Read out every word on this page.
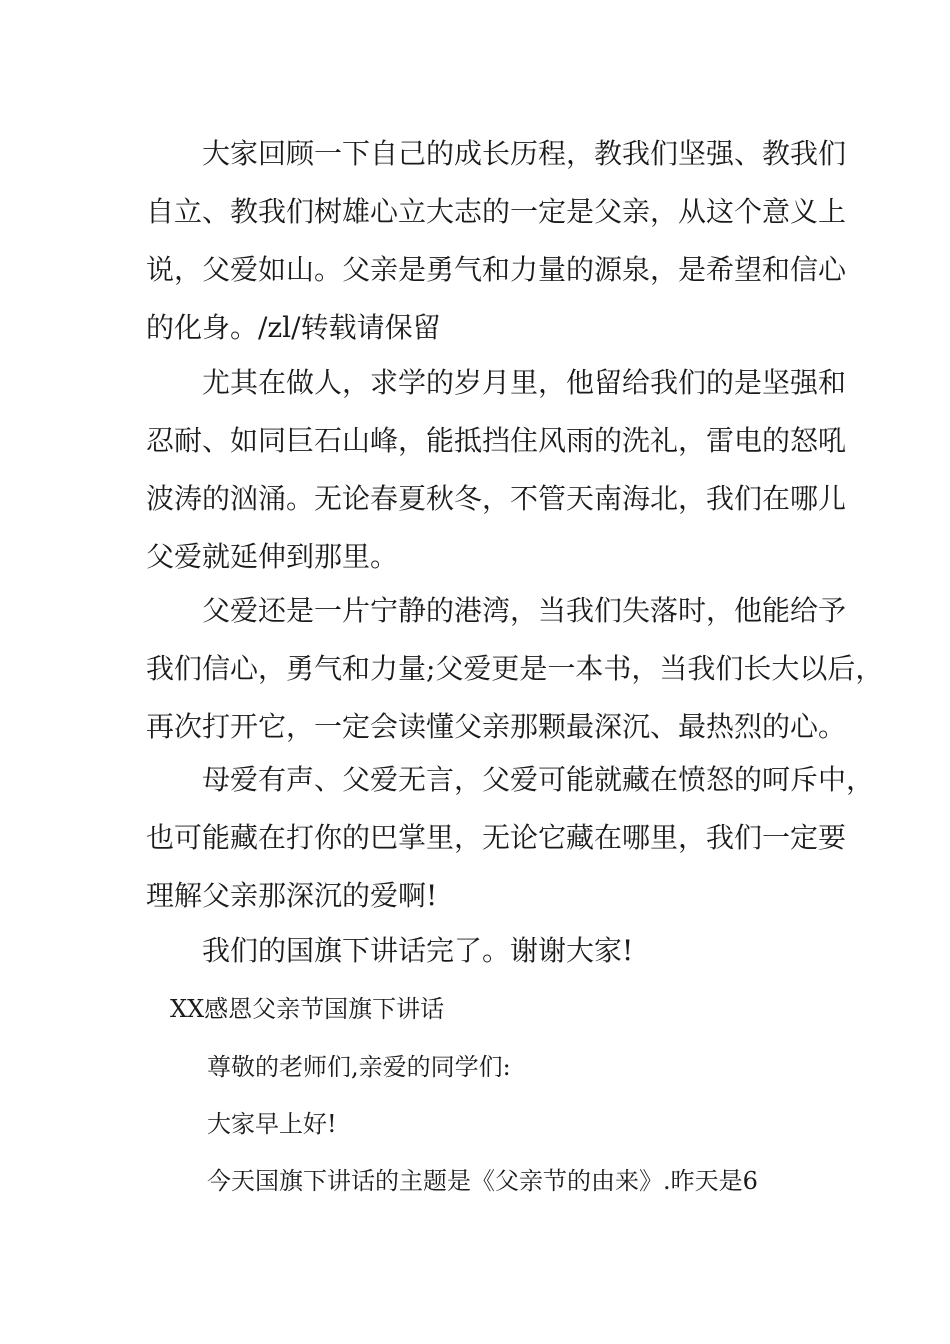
　　大家回顾一下自己的成长历程，教我们坚强、教我们
自立、教我们树雄心立大志的一定是父亲，从这个意义上
说，父爱如山。父亲是勇气和力量的源泉，是希望和信心
的化身。/zl/转载请保留
　　尤其在做人，求学的岁月里，他留给我们的是坚强和
忍耐、如同巨石山峰，能抵挡住风雨的洗礼，雷电的怒吼
波涛的汹涌。无论春夏秋冬，不管天南海北，我们在哪儿
父爱就延伸到那里。
　　父爱还是一片宁静的港湾，当我们失落时，他能给予
我们信心，勇气和力量;父爱更是一本书，当我们长大以后，
再次打开它，一定会读懂父亲那颗最深沉、最热烈的心。
　　母爱有声、父爱无言，父爱可能就藏在愤怒的呵斥中，
也可能藏在打你的巴掌里，无论它藏在哪里，我们一定要
理解父亲那深沉的爱啊!
　　我们的国旗下讲话完了。谢谢大家!

XX感恩父亲节国旗下讲话

尊敬的老师们,亲爱的同学们:

大家早上好!

今天国旗下讲话的主题是《父亲节的由来》.昨天是6
